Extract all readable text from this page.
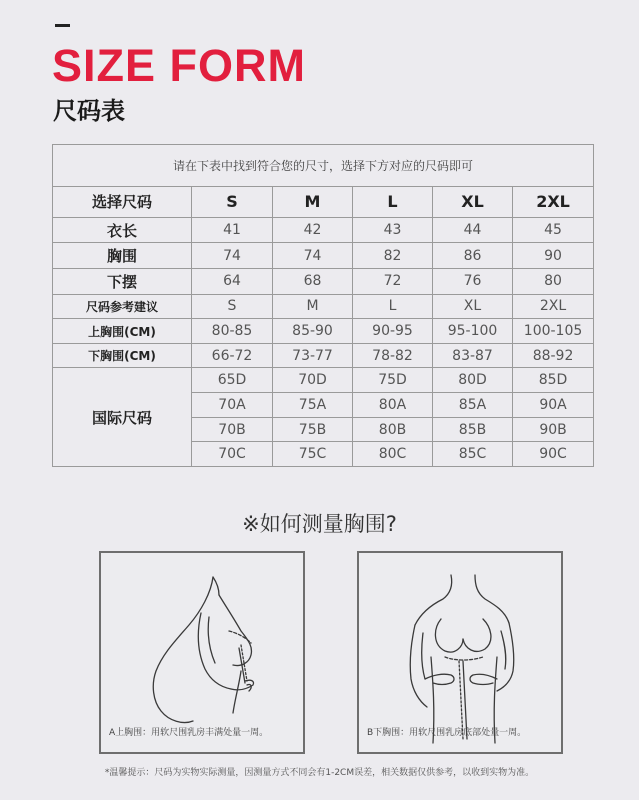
SIZE FORM
尺码表
请在下表中找到符合您的尺寸，选择下方对应的尺码即可					
选择尺码	S	M	L	XL	2XL
衣长	41	42	43	44	45
胸围	74	74	82	86	90
下摆	64	68	72	76	80
尺码参考建议	S	M	L	XL	2XL
上胸围(CM)	80-85	85-90	90-95	95-100	100-105
下胸围(CM)	66-72	73-77	78-82	83-87	88-92
国际尺码	65D	70D	75D	80D	85D
	70A	75A	80A	85A	90A
	70B	75B	80B	85B	90B
	70C	75C	80C	85C	90C
※如何测量胸围?
A上胸围：用软尺围乳房丰满处量一周。	B下胸围：用软尺围乳房底部处量一周。

*温馨提示：尺码为实物实际测量，因测量方式不同会有1-2CM误差，相关数据仅供参考，以收到实物为准。
